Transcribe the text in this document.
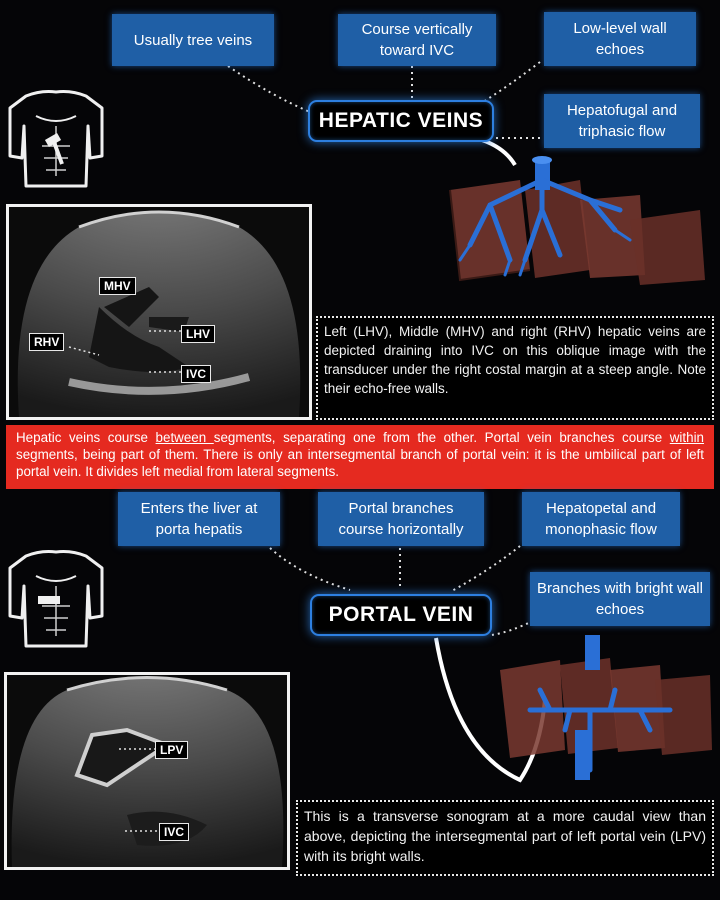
Usually tree veins
Course vertically toward IVC
Low-level wall echoes
Hepatofugal and triphasic flow
HEPATIC VEINS
MHV
RHV
LHV
IVC
Left (LHV), Middle (MHV) and right (RHV) hepatic veins are depicted draining into IVC on this oblique image with the transducer under the right costal margin at a steep angle. Note their echo-free walls.
Hepatic veins course between segments, separating one from the other. Portal vein branches course within segments, being part of them. There is only an intersegmental branch of portal vein: it is the umbilical part of left portal vein. It divides left medial from lateral segments.
Enters the liver at porta hepatis
Portal branches course horizontally
Hepatopetal and monophasic flow
Branches with bright wall echoes
PORTAL VEIN
LPV
IVC
This is a transverse sonogram at a more caudal view than above, depicting the intersegmental part of left portal vein (LPV) with its bright walls.
